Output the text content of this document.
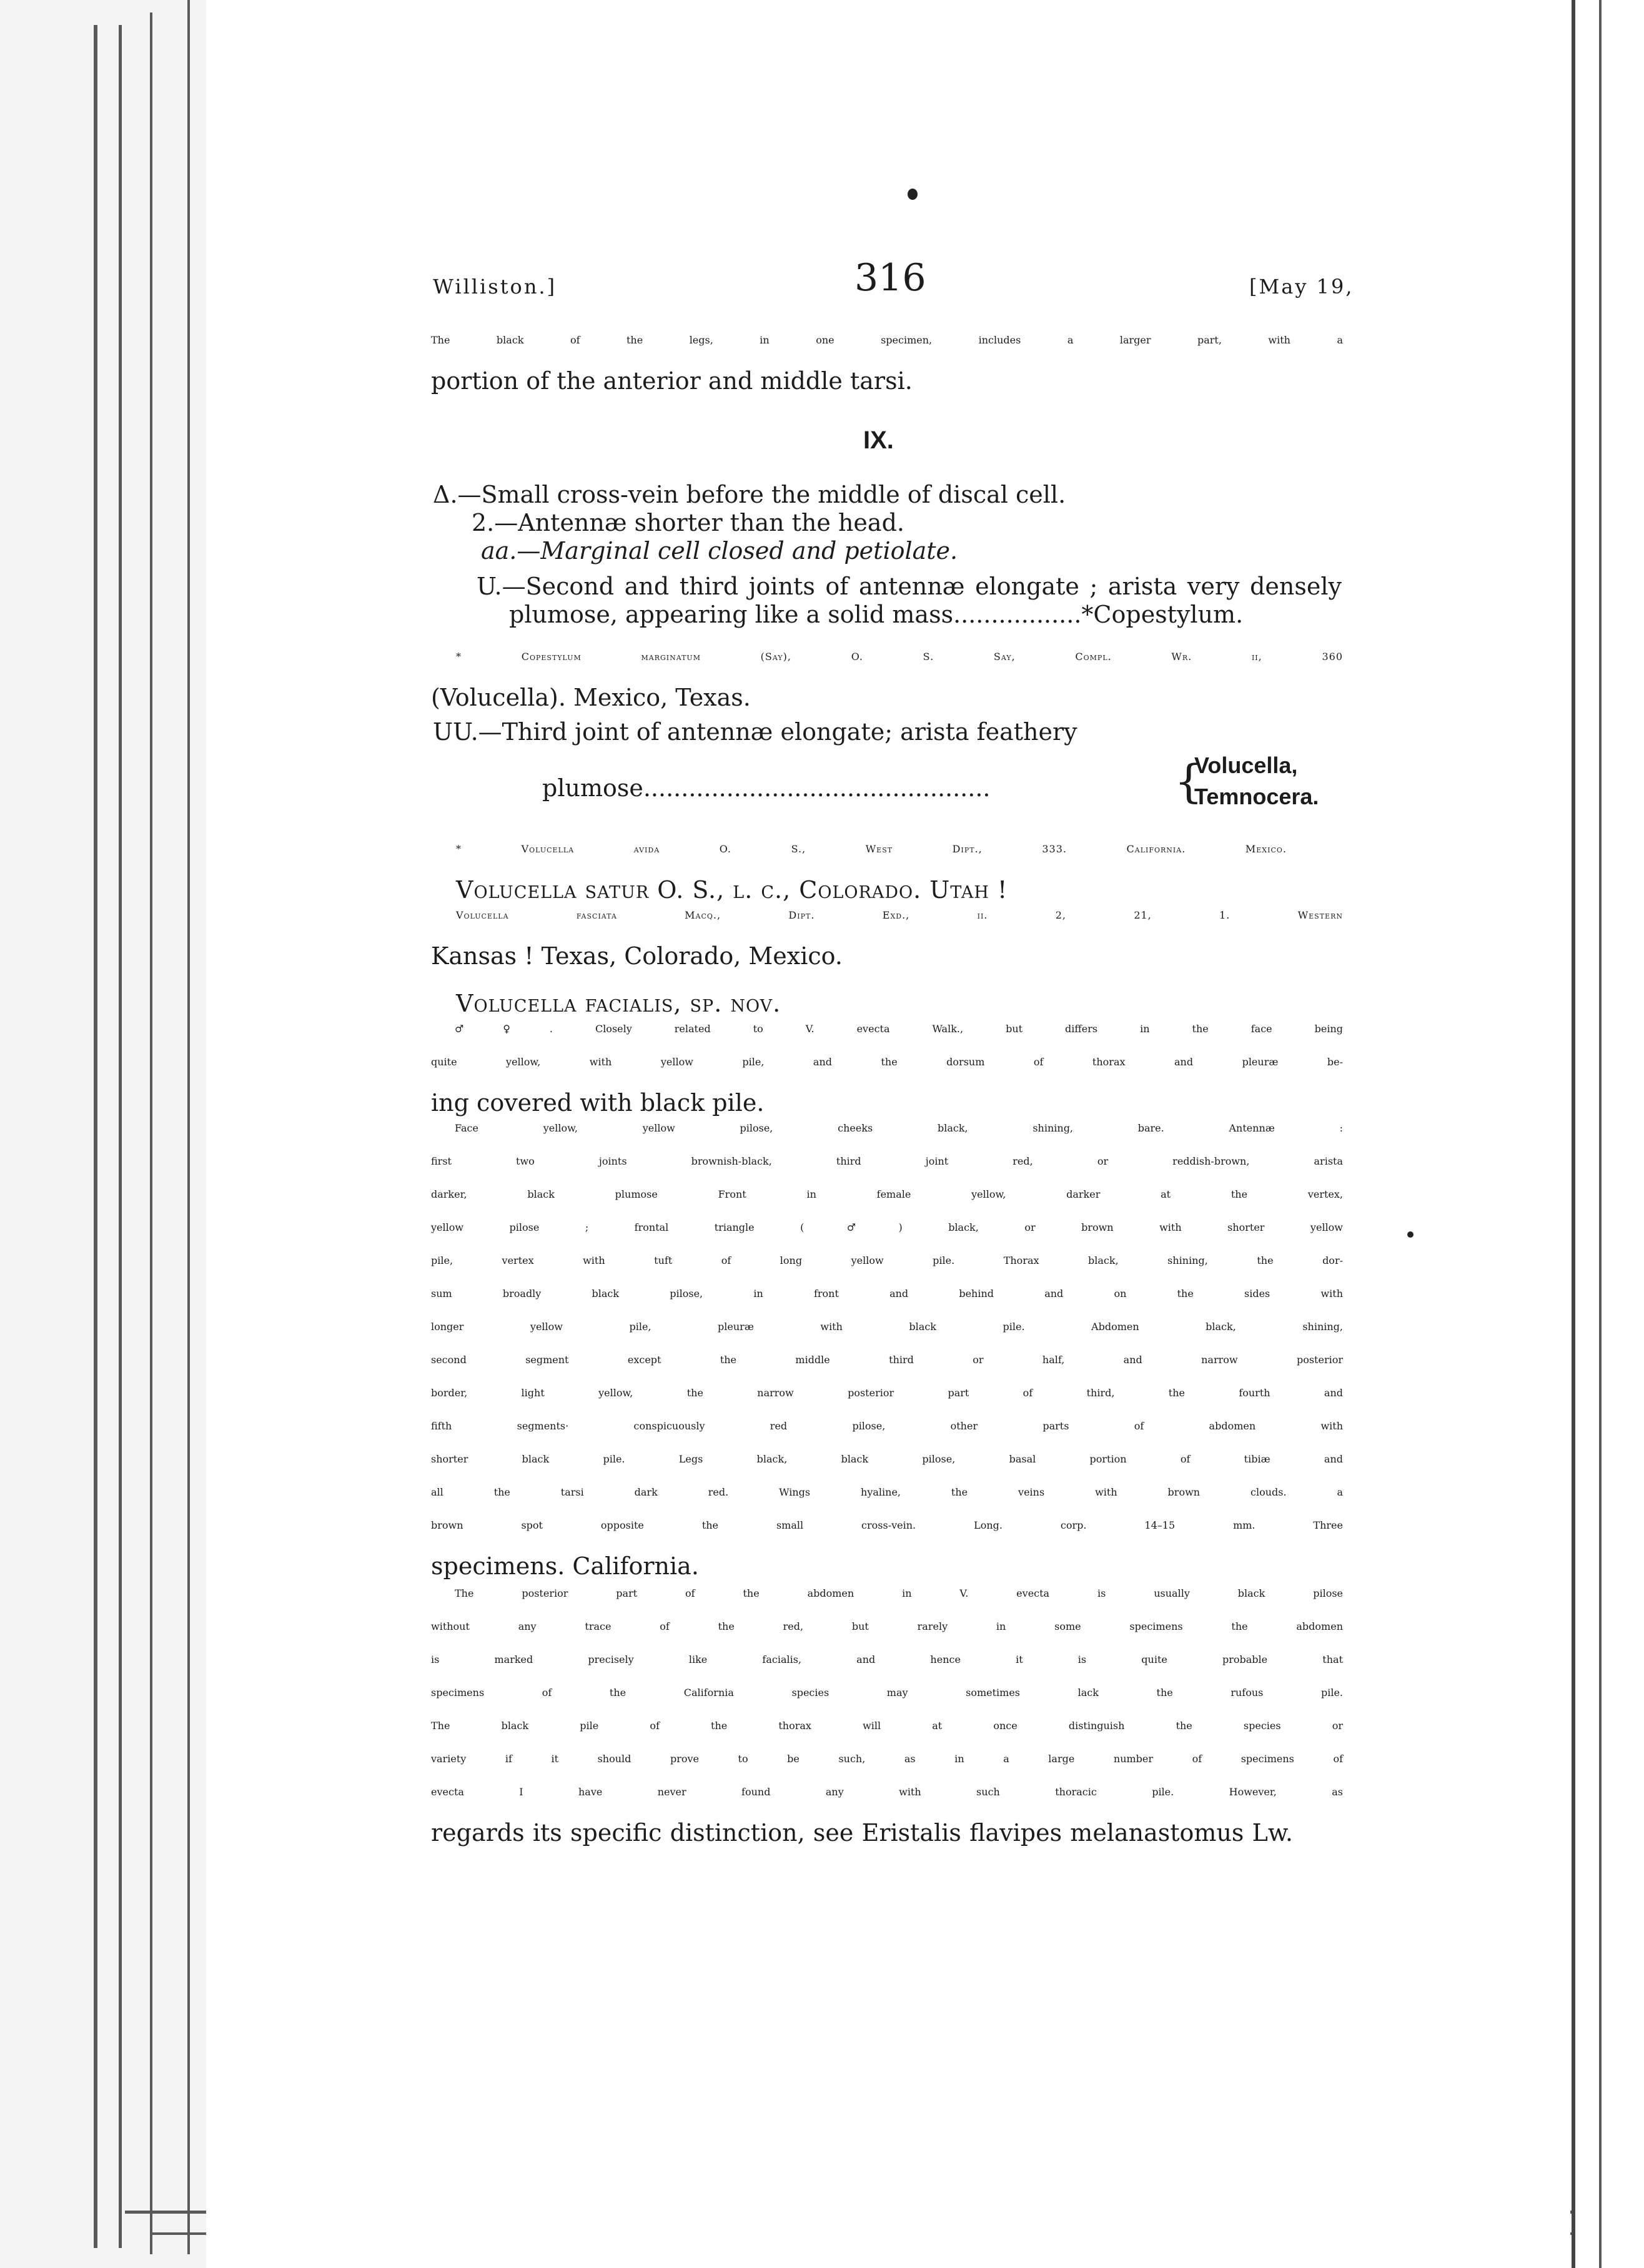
Williston.]	316	[May 19,
The black of the legs, in one specimen, includes a larger part, with a
portion of the anterior and middle tarsi.
IX.
Δ.—Small cross-vein before the middle of discal cell.
2.—Antennæ shorter than the head.
aa.—Marginal cell closed and petiolate.
U.—Second and third joints of antennæ elongate ; arista very densely
plumose, appearing like a solid mass.................*Copestylum.
* Copestylum marginatum (Say), O. S. Say, Compl. Wr. ii, 360
(Volucella). Mexico, Texas.
UU.—Third joint of antennæ elongate; arista feathery
plumose..............................................	{
Volucella,
Temnocera.
* Volucella avida O. S., West Dipt., 333. California. Mexico.
Volucella satur O. S., l. c., Colorado. Utah !
Volucella fasciata Macq., Dipt. Exd., ii. 2, 21, 1. Western
Kansas ! Texas, Colorado, Mexico.
Volucella facialis, sp. nov.
♂♀. Closely related to V. evecta Walk., but differs in the face being
quite yellow, with yellow pile, and the dorsum of thorax and pleuræ be-
ing covered with black pile.
Face yellow, yellow pilose, cheeks black, shining, bare. Antennæ :
first two joints brownish-black, third joint red, or reddish-brown, arista
darker, black plumose Front in female yellow, darker at the vertex,
yellow pilose ; frontal triangle (♂) black, or brown with shorter yellow
pile, vertex with tuft of long yellow pile. Thorax black, shining, the dor-
sum broadly black pilose, in front and behind and on the sides with
longer yellow pile, pleuræ with black pile. Abdomen black, shining,
second segment except the middle third or half, and narrow posterior
border, light yellow, the narrow posterior part of third, the fourth and
fifth segments· conspicuously red pilose, other parts of abdomen with
shorter black pile. Legs black, black pilose, basal portion of tibiæ and
all the tarsi dark red. Wings hyaline, the veins with brown clouds. a
brown spot opposite the small cross-vein. Long. corp. 14–15 mm. Three
specimens. California.
The posterior part of the abdomen in V. evecta is usually black pilose
without any trace of the red, but rarely in some specimens the abdomen
is marked precisely like facialis, and hence it is quite probable that
specimens of the California species may sometimes lack the rufous pile.
The black pile of the thorax will at once distinguish the species or
variety if it should prove to be such, as in a large number of specimens of
evecta I have never found any with such thoracic pile. However, as
regards its specific distinction, see Eristalis flavipes melanastomus Lw.
